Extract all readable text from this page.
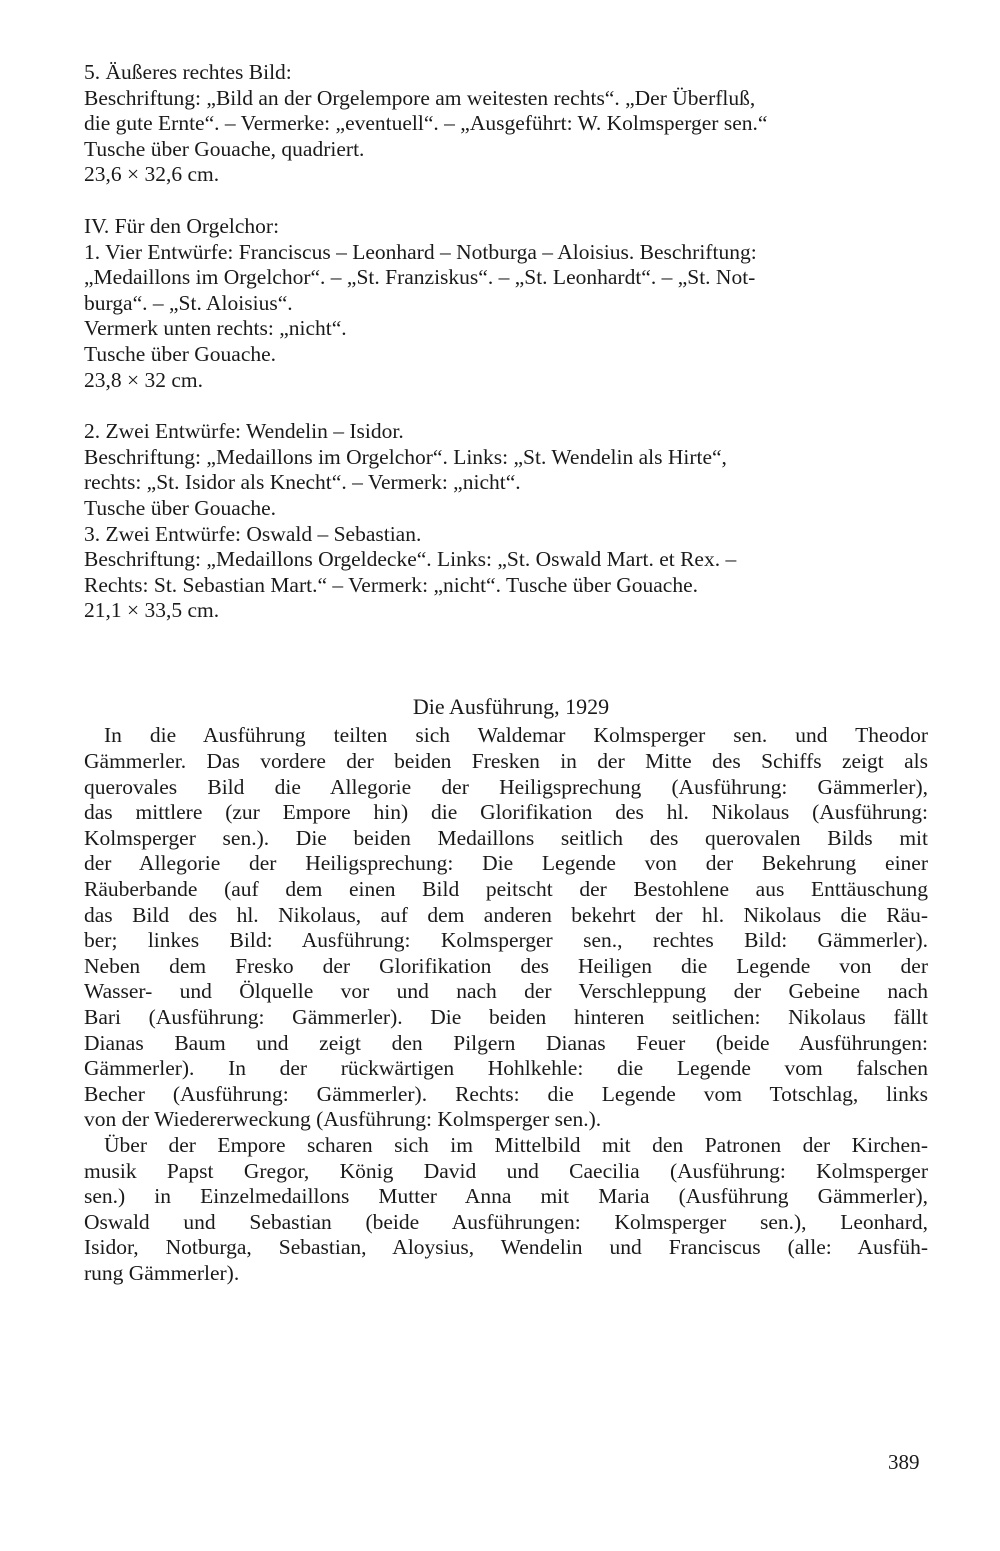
5. Äußeres rechtes Bild:
Beschriftung: „Bild an der Orgelempore am weitesten rechts“. „Der Überfluß,
die gute Ernte“. – Vermerke: „eventuell“. – „Ausgeführt: W. Kolmsperger sen.“
Tusche über Gouache, quadriert.
23,6 × 32,6 cm.
IV. Für den Orgelchor:
1. Vier Entwürfe: Franciscus – Leonhard – Notburga – Aloisius. Beschriftung:
„Medaillons im Orgelchor“. – „St. Franziskus“. – „St. Leonhardt“. – „St. Not-
burga“. – „St. Aloisius“.
Vermerk unten rechts: „nicht“.
Tusche über Gouache.
23,8 × 32 cm.
2. Zwei Entwürfe: Wendelin – Isidor.
Beschriftung: „Medaillons im Orgelchor“. Links: „St. Wendelin als Hirte“,
rechts: „St. Isidor als Knecht“. – Vermerk: „nicht“.
Tusche über Gouache.
3. Zwei Entwürfe: Oswald – Sebastian.
Beschriftung: „Medaillons Orgeldecke“. Links: „St. Oswald Mart. et Rex. –
Rechts: St. Sebastian Mart.“ – Vermerk: „nicht“. Tusche über Gouache.
21,1 × 33,5 cm.
Die Ausführung, 1929
In die Ausführung teilten sich Waldemar Kolmsperger sen. und Theodor
Gämmerler. Das vordere der beiden Fresken in der Mitte des Schiffs zeigt als
querovales Bild die Allegorie der Heiligsprechung (Ausführung: Gämmerler),
das mittlere (zur Empore hin) die Glorifikation des hl. Nikolaus (Ausführung:
Kolmsperger sen.). Die beiden Medaillons seitlich des querovalen Bilds mit
der Allegorie der Heiligsprechung: Die Legende von der Bekehrung einer
Räuberbande (auf dem einen Bild peitscht der Bestohlene aus Enttäuschung
das Bild des hl. Nikolaus, auf dem anderen bekehrt der hl. Nikolaus die Räu-
ber; linkes Bild: Ausführung: Kolmsperger sen., rechtes Bild: Gämmerler).
Neben dem Fresko der Glorifikation des Heiligen die Legende von der
Wasser- und Ölquelle vor und nach der Verschleppung der Gebeine nach
Bari (Ausführung: Gämmerler). Die beiden hinteren seitlichen: Nikolaus fällt
Dianas Baum und zeigt den Pilgern Dianas Feuer (beide Ausführungen:
Gämmerler). In der rückwärtigen Hohlkehle: die Legende vom falschen
Becher (Ausführung: Gämmerler). Rechts: die Legende vom Totschlag, links
von der Wiedererweckung (Ausführung: Kolmsperger sen.).
Über der Empore scharen sich im Mittelbild mit den Patronen der Kirchen-
musik Papst Gregor, König David und Caecilia (Ausführung: Kolmsperger
sen.) in Einzelmedaillons Mutter Anna mit Maria (Ausführung Gämmerler),
Oswald und Sebastian (beide Ausführungen: Kolmsperger sen.), Leonhard,
Isidor, Notburga, Sebastian, Aloysius, Wendelin und Franciscus (alle: Ausfüh-
rung Gämmerler).
389
